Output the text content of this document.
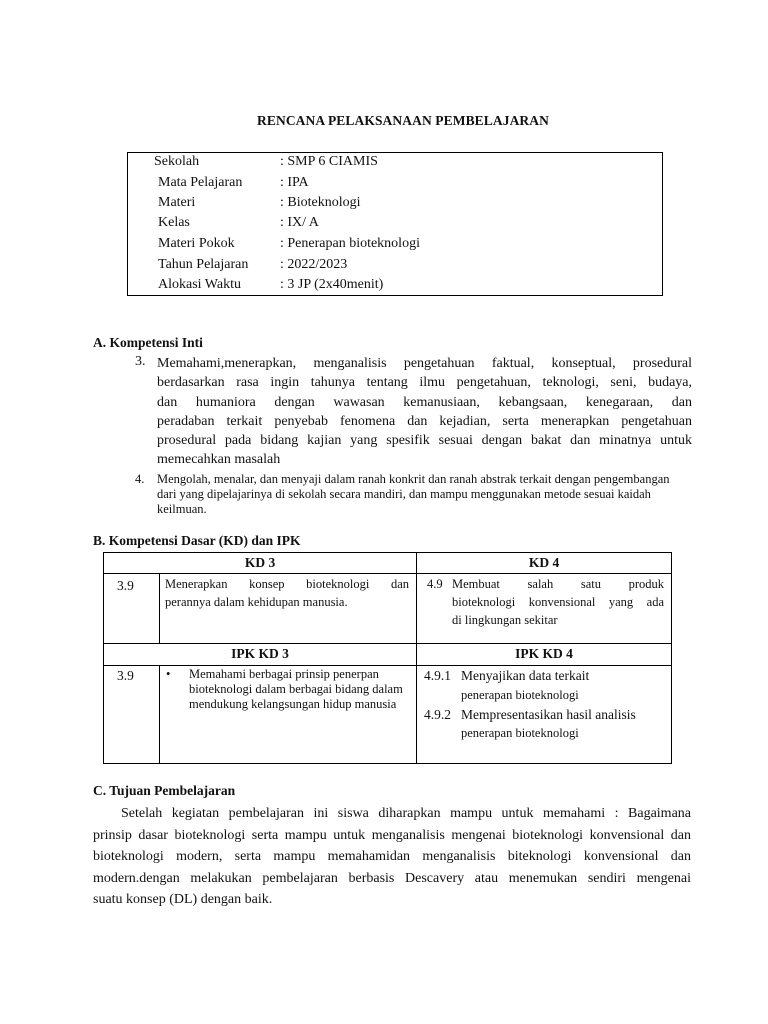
RENCANA PELAKSANAAN PEMBELAJARAN
Sekolah	: SMP 6 CIAMIS
Mata Pelajaran	: IPA
Materi	: Bioteknologi
Kelas	: IX/ A
Materi Pokok	: Penerapan bioteknologi
Tahun Pelajaran : 2022/2023
Alokasi Waktu	: 3 JP (2x40menit)
A. Kompetensi Inti
3. Memahami,menerapkan, menganalisis pengetahuan faktual, konseptual, prosedural
berdasarkan rasa ingin tahunya tentang ilmu pengetahuan, teknologi, seni, budaya,
dan humaniora dengan wawasan kemanusiaan, kebangsaan, kenegaraan, dan
peradaban terkait penyebab fenomena dan kejadian, serta menerapkan pengetahuan
prosedural pada bidang kajian yang spesifik sesuai dengan bakat dan minatnya untuk
memecahkan masalah
4. Mengolah, menalar, dan menyaji dalam ranah konkrit dan ranah abstrak terkait dengan pengembangan dari yang dipelajarinya di sekolah secara mandiri, dan mampu menggunakan metode sesuai kaidah keilmuan.
B. Kompetensi Dasar (KD) dan IPK
KD 3	KD 4
3.9 Menerapkan konsep bioteknologi dan
perannya dalam kehidupan manusia.
4.9 Membuat salah satu produk
bioteknologi konvensional yang ada
di lingkungan sekitar
IPK KD 3	IPK KD 4
3.9	• Memahami berbagai prinsip penerpan bioteknologi dalam berbagai bidang dalam mendukung kelangsungan hidup manusia
4.9.1 Menyajikan data terkait
penerapan bioteknologi
4.9.2 Mempresentasikan hasil analisis
penerapan bioteknologi
C. Tujuan Pembelajaran
Setelah kegiatan pembelajaran ini siswa diharapkan mampu untuk memahami : Bagaimana
prinsip dasar bioteknologi serta mampu untuk menganalisis mengenai bioteknologi konvensional dan
bioteknologi modern, serta mampu memahamidan menganalisis biteknologi konvensional dan
modern.dengan melakukan pembelajaran berbasis Descavery atau menemukan sendiri mengenai
suatu konsep (DL) dengan baik.
